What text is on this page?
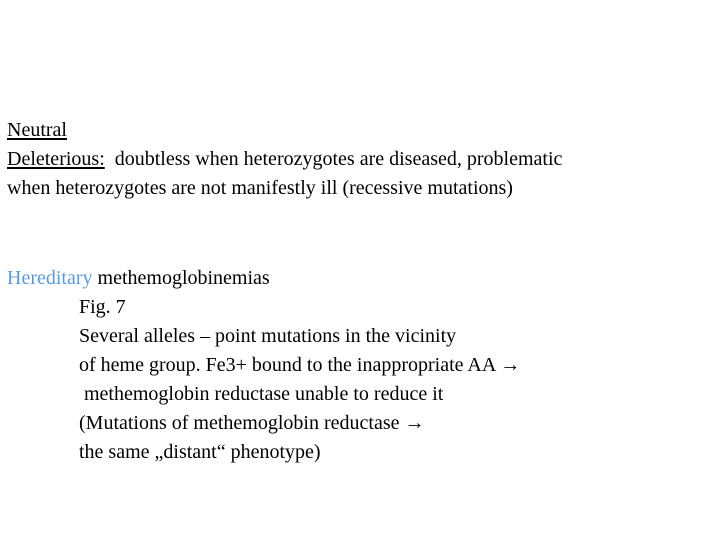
Neutral
Deleterious: doubtless when heterozygotes are diseased, problematic
when heterozygotes are not manifestly ill (recessive mutations)
Hereditary methemoglobinemias
Fig. 7
Several alleles – point mutations in the vicinity
of heme group. Fe3+ bound to the inappropriate AA →
methemoglobin reductase unable to reduce it
(Mutations of methemoglobin reductase →
the same „distant“ phenotype)
